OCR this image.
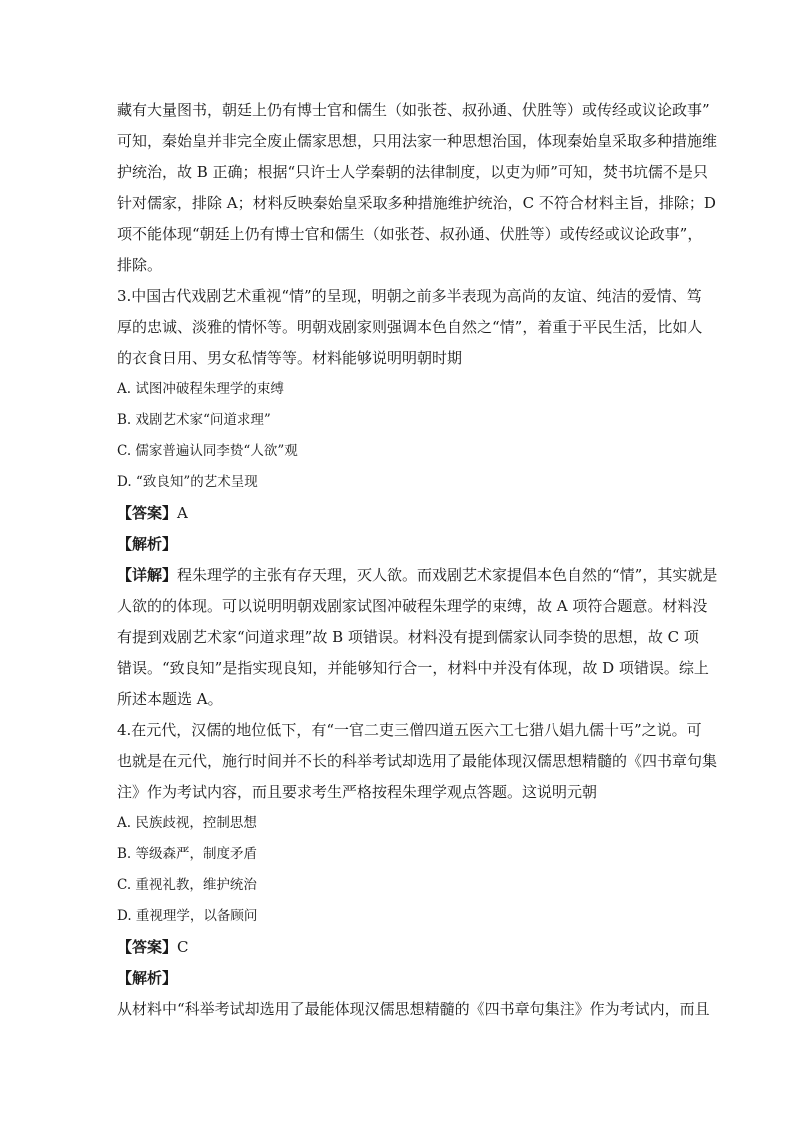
藏有大量图书，朝廷上仍有博士官和儒生（如张苍、叔孙通、伏胜等）或传经或议论政事”
可知，秦始皇并非完全废止儒家思想，只用法家一种思想治国，体现秦始皇采取多种措施维
护统治，故 B 正确；根据“只许士人学秦朝的法律制度，以吏为师”可知，焚书坑儒不是只
针对儒家，排除 A；材料反映秦始皇采取多种措施维护统治，C 不符合材料主旨，排除；D
项不能体现“朝廷上仍有博士官和儒生（如张苍、叔孙通、伏胜等）或传经或议论政事”，
排除。
3.中国古代戏剧艺术重视“情”的呈现，明朝之前多半表现为高尚的友谊、纯洁的爱情、笃
厚的忠诚、淡雅的情怀等。明朝戏剧家则强调本色自然之“情”，着重于平民生活，比如人
的衣食日用、男女私情等等。材料能够说明明朝时期
A. 试图冲破程朱理学的束缚
B. 戏剧艺术家“问道求理”
C. 儒家普遍认同李贽“人欲”观
D. “致良知”的艺术呈现
【答案】A
【解析】
【详解】程朱理学的主张有存天理，灭人欲。而戏剧艺术家提倡本色自然的“情”，其实就是
人欲的的体现。可以说明明朝戏剧家试图冲破程朱理学的束缚，故 A 项符合题意。材料没
有提到戏剧艺术家“问道求理”故 B 项错误。材料没有提到儒家认同李贽的思想，故 C 项
错误。“致良知”是指实现良知，并能够知行合一，材料中并没有体现，故 D 项错误。综上
所述本题选 A。
4.在元代，汉儒的地位低下，有“一官二吏三僧四道五医六工七猎八娼九儒十丐”之说。可
也就是在元代，施行时间并不长的科举考试却选用了最能体现汉儒思想精髓的《四书章句集
注》作为考试内容，而且要求考生严格按程朱理学观点答题。这说明元朝
A. 民族歧视，控制思想
B. 等级森严，制度矛盾
C. 重视礼教，维护统治
D. 重视理学，以备顾问
【答案】C
【解析】
从材料中“科举考试却选用了最能体现汉儒思想精髓的《四书章句集注》作为考试内，而且
